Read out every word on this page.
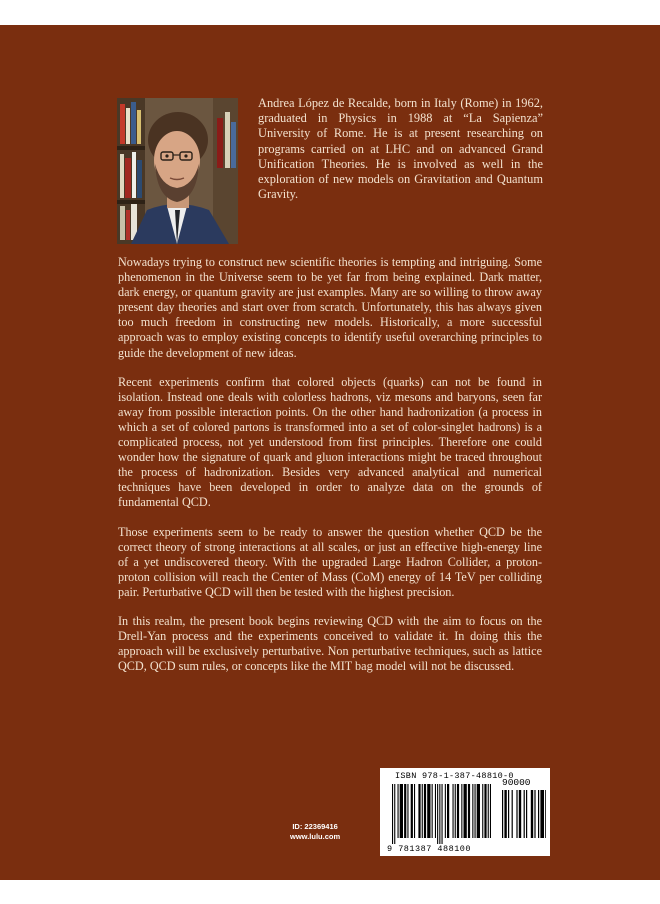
Andrea López de Recalde, born in Italy (Rome) in 1962, graduated in Physics in 1988 at “La Sapienza” University of Rome. He is at present researching on programs carried on at LHC and on advanced Grand Unification Theories. He is involved as well in the exploration of new models on Gravitation and Quantum Gravity.

Nowadays trying to construct new scientific theories is tempting and intriguing. Some phenomenon in the Universe seem to be yet far from being explained. Dark matter, dark energy, or quantum gravity are just examples. Many are so willing to throw away present day theories and start over from scratch. Unfortunately, this has always given too much freedom in constructing new models. Historically, a more successful approach was to employ existing concepts to identify useful overarching principles to guide the development of new ideas.

Recent experiments confirm that colored objects (quarks) can not be found in isolation. Instead one deals with colorless hadrons, viz mesons and baryons, seen far away from possible interaction points. On the other hand hadronization (a process in which a set of colored partons is transformed into a set of color-singlet hadrons) is a complicated process, not yet understood from first principles. Therefore one could wonder how the signature of quark and gluon interactions might be traced throughout the process of hadronization. Besides very advanced analytical and numerical techniques have been developed in order to analyze data on the grounds of fundamental QCD.

Those experiments seem to be ready to answer the question whether QCD be the correct theory of strong interactions at all scales, or just an effective high-energy line of a yet undiscovered theory. With the upgraded Large Hadron Collider, a proton-proton collision will reach the Center of Mass (CoM) energy of 14 TeV per colliding pair. Perturbative QCD will then be tested with the highest precision.

In this realm, the present book begins reviewing QCD with the aim to focus on the Drell-Yan process and the experiments conceived to validate it. In doing this the approach will be exclusively perturbative. Non perturbative techniques, such as lattice QCD, QCD sum rules, or concepts like the MIT bag model will not be discussed.

ID: 22369416
www.lulu.com
ISBN 978-1-387-48810-0
90000
9 781387 488100
